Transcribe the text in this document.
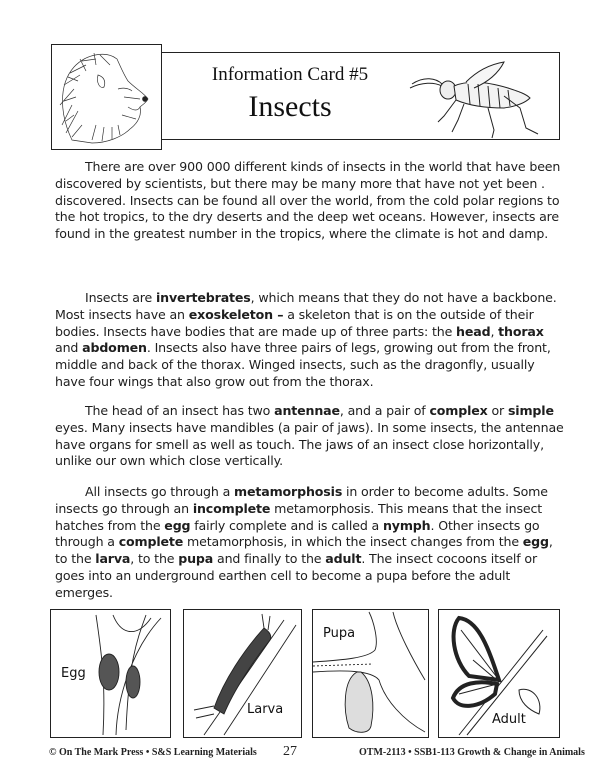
Information Card #5
Insects

There are over 900 000 different kinds of insects in the world that have been discovered by scientists, but there may be many more that have not yet been . discovered. Insects can be found all over the world, from the cold polar regions to the hot tropics, to the dry deserts and the deep wet oceans. However, insects are found in the greatest number in the tropics, where the climate is hot and damp.

Insects are invertebrates, which means that they do not have a backbone. Most insects have an exoskeleton – a skeleton that is on the outside of their bodies. Insects have bodies that are made up of three parts: the head, thorax and abdomen. Insects also have three pairs of legs, growing out from the front, middle and back of the thorax. Winged insects, such as the dragonfly, usually have four wings that also grow out from the thorax.

The head of an insect has two antennae, and a pair of complex or simple eyes. Many insects have mandibles (a pair of jaws). In some insects, the antennae have organs for smell as well as touch. The jaws of an insect close horizontally, unlike our own which close vertically.

All insects go through a metamorphosis in order to become adults. Some insects go through an incomplete metamorphosis. This means that the insect hatches from the egg fairly complete and is called a nymph. Other insects go through a complete metamorphosis, in which the insect changes from the egg, to the larva, to the pupa and finally to the adult. The insect cocoons itself or goes into an underground earthen cell to become a pupa before the adult emerges.

Egg
Larva
Pupa
Adult
© On The Mark Press • S&S Learning Materials 27	OTM-2113 • SSB1-113 Growth & Change in Animals
